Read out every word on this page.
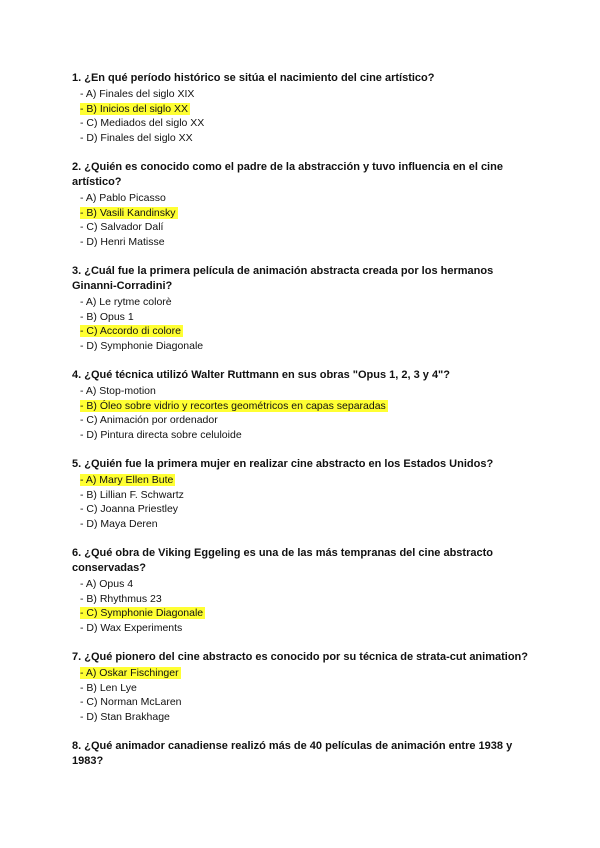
1. ¿En qué período histórico se sitúa el nacimiento del cine artístico?

- A) Finales del siglo XIX
- B) Inicios del siglo XX
- C) Mediados del siglo XX
- D) Finales del siglo XX

2. ¿Quién es conocido como el padre de la abstracción y tuvo influencia en el cine artístico?

- A) Pablo Picasso
- B) Vasili Kandinsky
- C) Salvador Dalí
- D) Henri Matisse

3. ¿Cuál fue la primera película de animación abstracta creada por los hermanos Ginanni-Corradini?

- A) Le rytme colorè
- B) Opus 1
- C) Accordo di colore
- D) Symphonie Diagonale

4. ¿Qué técnica utilizó Walter Ruttmann en sus obras "Opus 1, 2, 3 y 4"?

- A) Stop-motion
- B) Óleo sobre vidrio y recortes geométricos en capas separadas
- C) Animación por ordenador
- D) Pintura directa sobre celuloide

5. ¿Quién fue la primera mujer en realizar cine abstracto en los Estados Unidos?

- A) Mary Ellen Bute
- B) Lillian F. Schwartz
- C) Joanna Priestley
- D) Maya Deren

6. ¿Qué obra de Viking Eggeling es una de las más tempranas del cine abstracto conservadas?

- A) Opus 4
- B) Rhythmus 23
- C) Symphonie Diagonale
- D) Wax Experiments

7. ¿Qué pionero del cine abstracto es conocido por su técnica de strata-cut animation?

- A) Oskar Fischinger
- B) Len Lye
- C) Norman McLaren
- D) Stan Brakhage

8. ¿Qué animador canadiense realizó más de 40 películas de animación entre 1938 y 1983?
